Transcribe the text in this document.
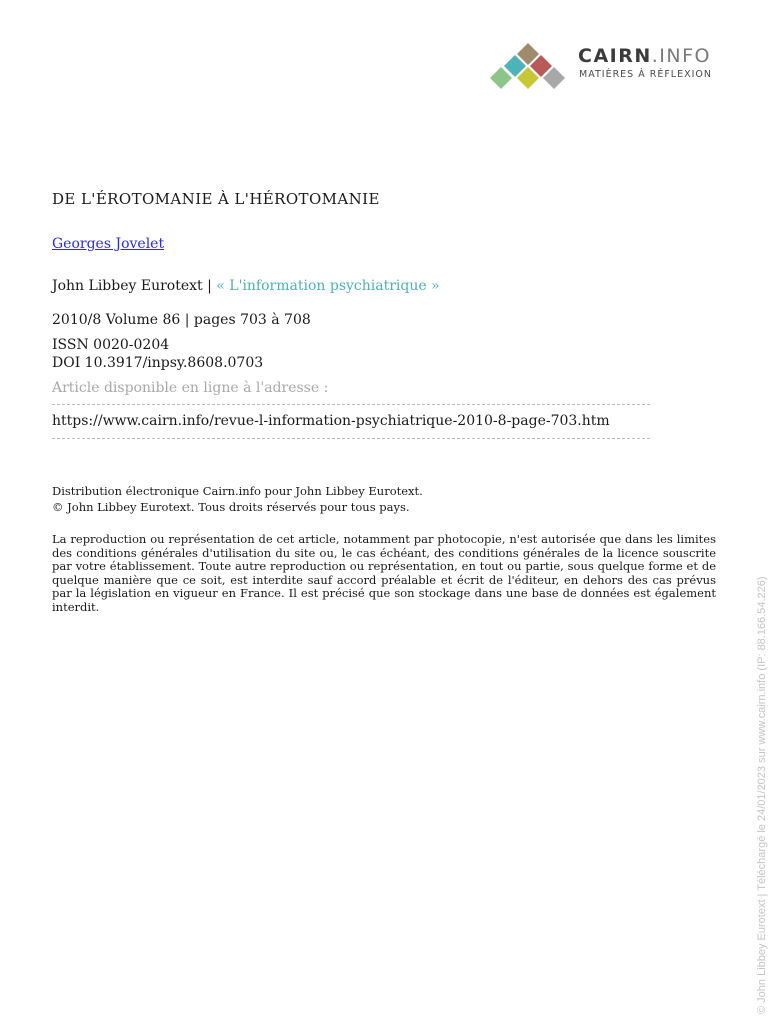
CAIRN.INFO
MATIÈRES À RÉFLEXION
DE L'ÉROTOMANIE À L'HÉROTOMANIE
Georges Jovelet
John Libbey Eurotext | « L'information psychiatrique »
2010/8 Volume 86 | pages 703 à 708
ISSN 0020-0204
DOI 10.3917/inpsy.8608.0703
Article disponible en ligne à l'adresse :
https://www.cairn.info/revue-l-information-psychiatrique-2010-8-page-703.htm
Distribution électronique Cairn.info pour John Libbey Eurotext.
© John Libbey Eurotext. Tous droits réservés pour tous pays.
La reproduction ou représentation de cet article, notamment par photocopie, n'est autorisée que dans les limites des conditions générales d'utilisation du site ou, le cas échéant, des conditions générales de la licence souscrite par votre établissement. Toute autre reproduction ou représentation, en tout ou partie, sous quelque forme et de quelque manière que ce soit, est interdite sauf accord préalable et écrit de l'éditeur, en dehors des cas prévus par la législation en vigueur en France. Il est précisé que son stockage dans une base de données est également interdit.	© John Libbey Eurotext | Téléchargé le 24/01/2023 sur www.cairn.info (IP: 88.166.54.226)
